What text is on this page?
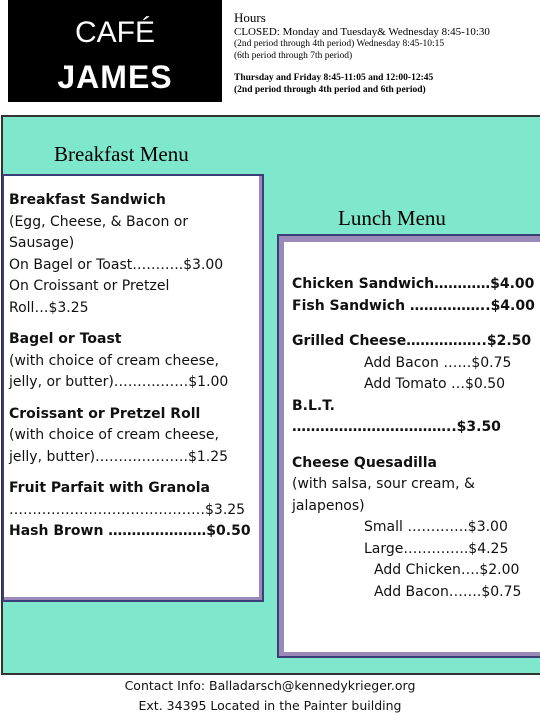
CAFÉ
JAMES
Hours
CLOSED: Monday and Tuesday& Wednesday 8:45-10:30
(2nd period through 4th period) Wednesday 8:45-10:15
(6th period through 7th period)
Thursday and Friday 8:45-11:05 and 12:00-12:45
(2nd period through 4th period and 6th period)
Breakfast Menu
Breakfast Sandwich
(Egg, Cheese, & Bacon or
Sausage)
On Bagel or Toast………..$3.00
On Croissant or Pretzel
Roll…$3.25
Bagel or Toast
(with choice of cream cheese,
jelly, or butter)……….……$1.00
Croissant or Pretzel Roll
(with choice of cream cheese,
jelly, butter)……….……….$1.25
Fruit Parfait with Granola
……………………………………$3.25
Hash Brown …………………$0.50
Lunch Menu
Chicken Sandwich…………$4.00
Fish Sandwich ……………..$4.00
Grilled Cheese……………..$2.50
Add Bacon ……$0.75
Add Tomato …$0.50
B.L.T. ……………………………..$3.50
Cheese Quesadilla
(with salsa, sour cream, &
jalapenos)
Small ………….$3.00
Large…………..$4.25
Add Chicken….$2.00
Add Bacon…….$0.75
Contact Info: Balladarsch@kennedykrieger.org
Ext. 34395 Located in the Painter building
